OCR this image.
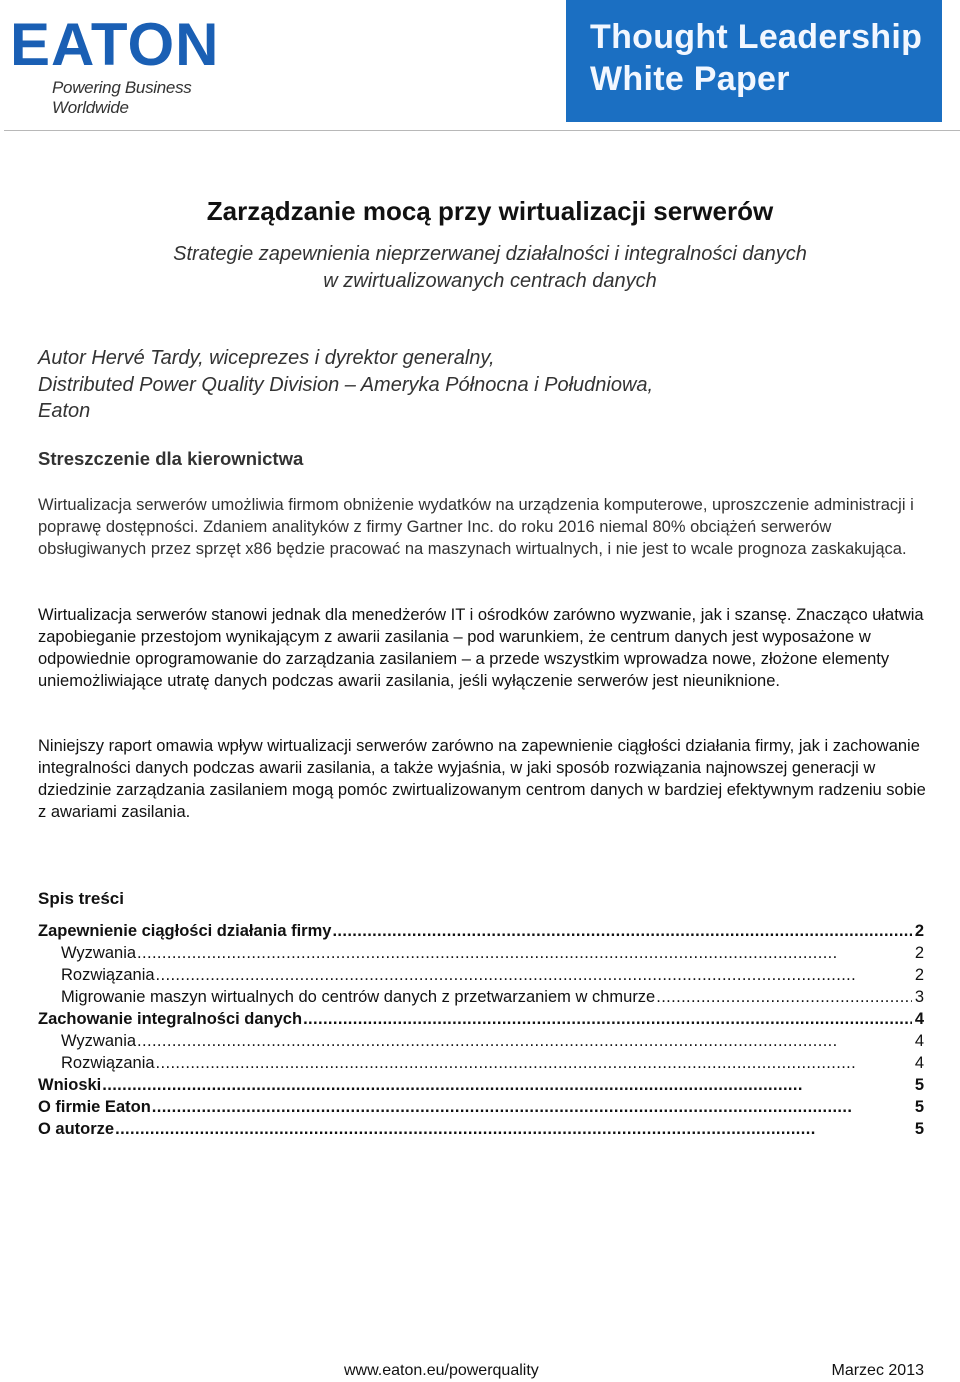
EATON
Powering Business Worldwide
Thought Leadership
White Paper
Zarządzanie mocą przy wirtualizacji serwerów
Strategie zapewnienia nieprzerwanej działalności i integralności danych
w zwirtualizowanych centrach danych
Autor Hervé Tardy, wiceprezes i dyrektor generalny,
Distributed Power Quality Division – Ameryka Północna i Południowa,
Eaton
Streszczenie dla kierownictwa
Wirtualizacja serwerów umożliwia firmom obniżenie wydatków na urządzenia komputerowe, uproszczenie administracji i poprawę dostępności. Zdaniem analityków z firmy Gartner Inc. do roku 2016 niemal 80% obciążeń serwerów obsługiwanych przez sprzęt x86 będzie pracować na maszynach wirtualnych, i nie jest to wcale prognoza zaskakująca.
Wirtualizacja serwerów stanowi jednak dla menedżerów IT i ośrodków zarówno wyzwanie, jak i szansę. Znacząco ułatwia zapobieganie przestojom wynikającym z awarii zasilania – pod warunkiem, że centrum danych jest wyposażone w odpowiednie oprogramowanie do zarządzania zasilaniem – a przede wszystkim wprowadza nowe, złożone elementy uniemożliwiające utratę danych podczas awarii zasilania, jeśli wyłączenie serwerów jest nieuniknione.
Niniejszy raport omawia wpływ wirtualizacji serwerów zarówno na zapewnienie ciągłości działania firmy, jak i zachowanie integralności danych podczas awarii zasilania, a także wyjaśnia, w jaki sposób rozwiązania najnowszej generacji w dziedzinie zarządzania zasilaniem mogą pomóc zwirtualizowanym centrom danych w bardziej efektywnym radzeniu sobie z awariami zasilania.
Spis treści
Zapewnienie ciągłości działania firmy . . .	2
Wyzwania . . .	2
Rozwiązania . . .	2
Migrowanie maszyn wirtualnych do centrów danych z przetwarzaniem w chmurze . . .	3
Zachowanie integralności danych . . .	4
Wyzwania . . .	4
Rozwiązania . . .	4
Wnioski . . .	5
O firmie Eaton . . .	5
O autorze . . .	5
www.eaton.eu/powerquality	Marzec 2013
